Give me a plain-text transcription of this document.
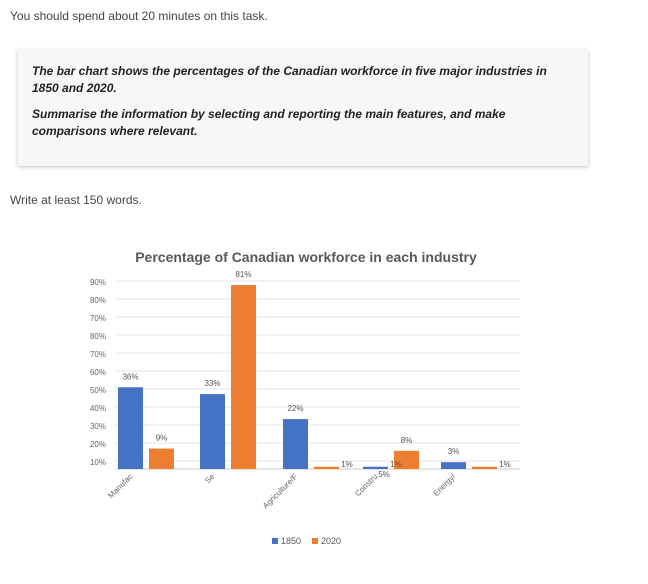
You should spend about 20 minutes on this task.

The bar chart shows the percentages of the Canadian workforce in five major industries in 1850 and 2020.

Summarise the information by selecting and reporting the main features, and make comparisons where relevant.

Write at least 150 words.
Percentage of Canadian workforce in each industry
90%
80%
70%
80%
70%
60%
50%
40%
30%
20%
10%
36%
9%
33%
81%
22%
1%	1%
8%
3%
1%
5%
Manufac	Se	Agriculture/F	Constru	Energy/
1850 2020
